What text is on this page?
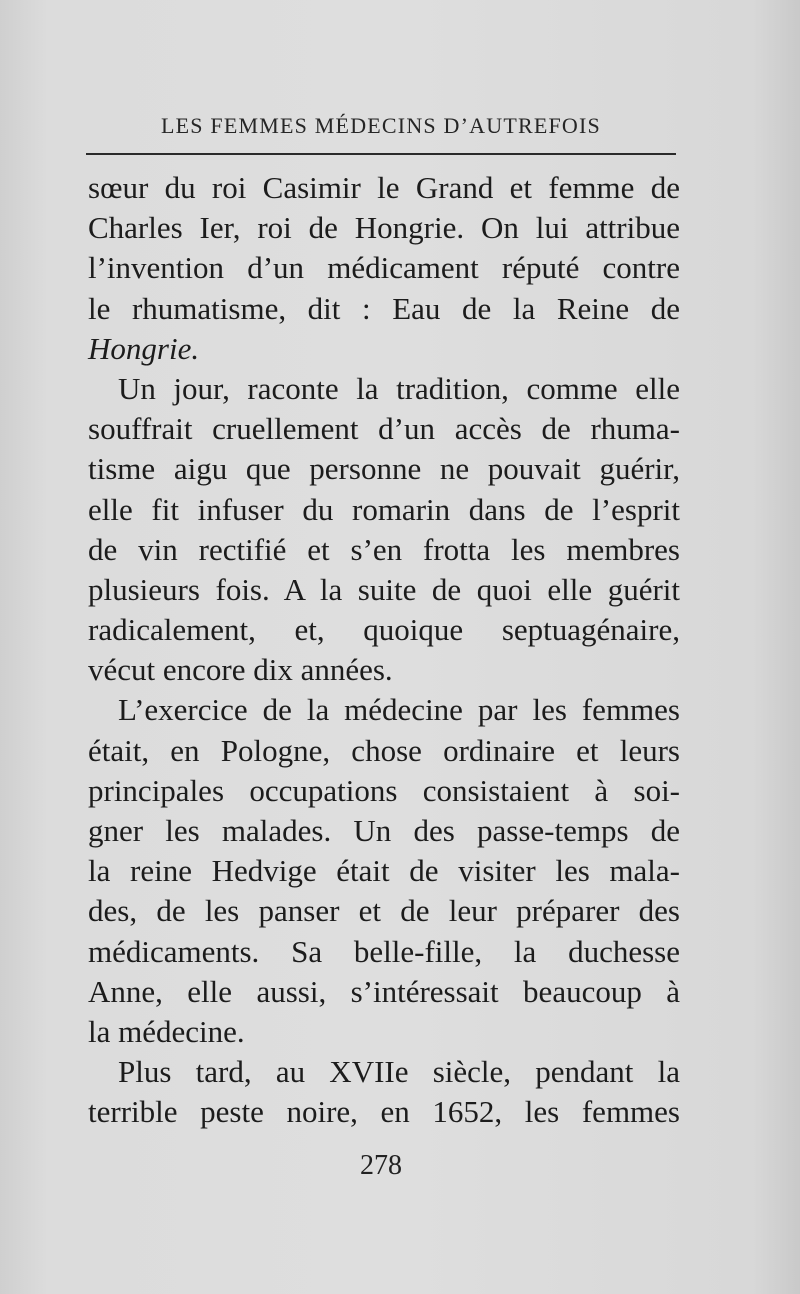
LES FEMMES MÉDECINS D’AUTREFOIS
sœur du roi Casimir le Grand et femme de
Charles Ier, roi de Hongrie. On lui attribue
l’invention d’un médicament réputé contre
le rhumatisme, dit : Eau de la Reine de
Hongrie.
Un jour, raconte la tradition, comme elle
souffrait cruellement d’un accès de rhuma-
tisme aigu que personne ne pouvait guérir,
elle fit infuser du romarin dans de l’esprit
de vin rectifié et s’en frotta les membres
plusieurs fois. A la suite de quoi elle guérit
radicalement, et, quoique septuagénaire,
vécut encore dix années.
L’exercice de la médecine par les femmes
était, en Pologne, chose ordinaire et leurs
principales occupations consistaient à soi-
gner les malades. Un des passe-temps de
la reine Hedvige était de visiter les mala-
des, de les panser et de leur préparer des
médicaments. Sa belle-fille, la duchesse
Anne, elle aussi, s’intéressait beaucoup à
la médecine.
Plus tard, au XVIIe siècle, pendant la
terrible peste noire, en 1652, les femmes
278
